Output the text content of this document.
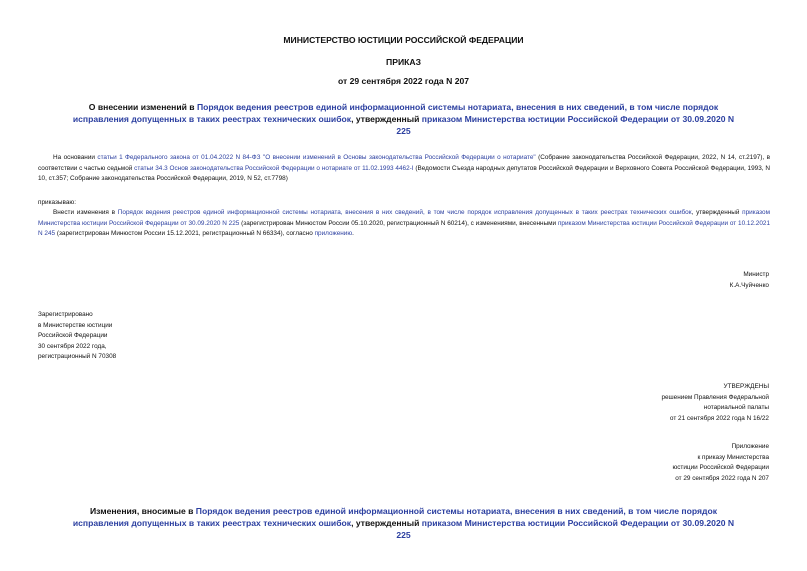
МИНИСТЕРСТВО ЮСТИЦИИ РОССИЙСКОЙ ФЕДЕРАЦИИ
ПРИКАЗ
от 29 сентября 2022 года N 207
О внесении изменений в Порядок ведения реестров единой информационной системы нотариата, внесения в них сведений, в том числе порядок исправления допущенных в таких реестрах технических ошибок, утвержденный приказом Министерства юстиции Российской Федерации от 30.09.2020 N 225
На основании статьи 1 Федерального закона от 01.04.2022 N 84-ФЗ "О внесении изменений в Основы законодательства Российской Федерации о нотариате" (Собрание законодательства Российской Федерации, 2022, N 14, ст.2197), в соответствии с частью седьмой статьи 34.3 Основ законодательства Российской Федерации о нотариате от 11.02.1993 4462-I (Ведомости Съезда народных депутатов Российской Федерации и Верховного Совета Российской Федерации, 1993, N 10, ст.357; Собрание законодательства Российской Федерации, 2019, N 52, ст.7798)
приказываю:
Внести изменения в Порядок ведения реестров единой информационной системы нотариата, внесения в них сведений, в том числе порядок исправления допущенных в таких реестрах технических ошибок, утвержденный приказом Министерства юстиции Российской Федерации от 30.09.2020 N 225 (зарегистрирован Минюстом России 05.10.2020, регистрационный N 60214), с изменениями, внесенными приказом Министерства юстиции Российской Федерации от 10.12.2021 N 245 (зарегистрирован Минюстом России 15.12.2021, регистрационный N 66334), согласно приложению.
Министр
К.А.Чуйченко
Зарегистрировано
в Министерстве юстиции
Российской Федерации
30 сентября 2022 года,
регистрационный N 70308
УТВЕРЖДЕНЫ
решением Правления Федеральной
нотариальной палаты
от 21 сентября 2022 года N 16/22
Приложение
к приказу Министерства
юстиции Российской Федерации
от 29 сентября 2022 года N 207
Изменения, вносимые в Порядок ведения реестров единой информационной системы нотариата, внесения в них сведений, в том числе порядок исправления допущенных в таких реестрах технических ошибок, утвержденный приказом Министерства юстиции Российской Федерации от 30.09.2020 N 225
